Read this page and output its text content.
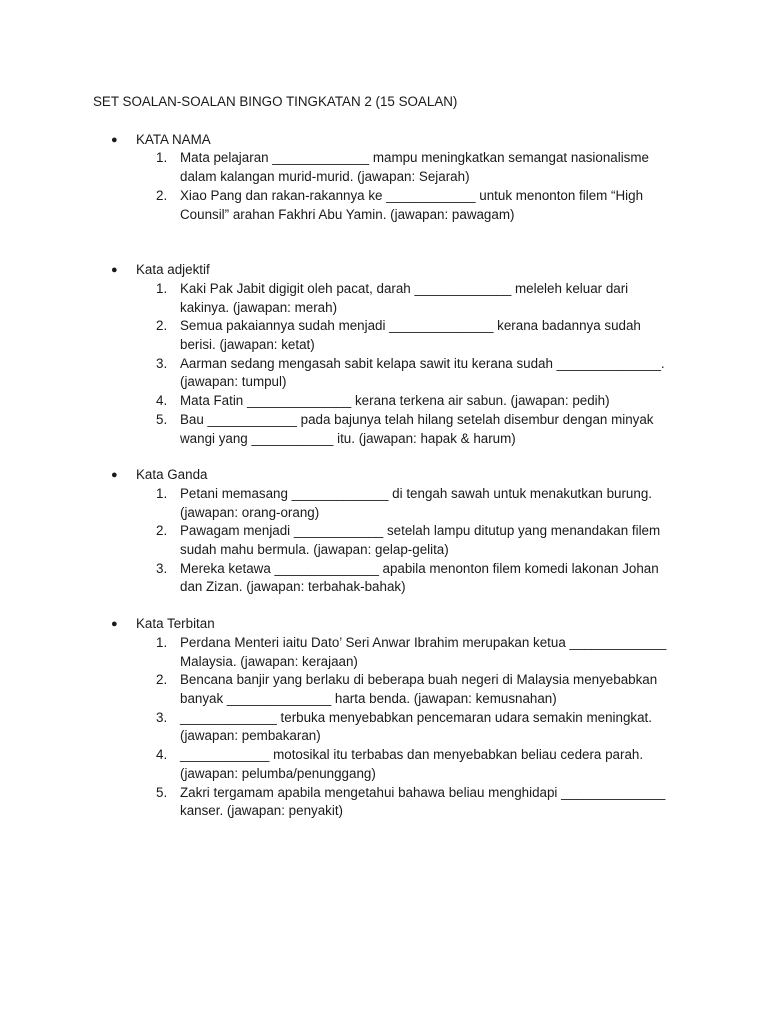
SET SOALAN-SOALAN BINGO TINGKATAN 2 (15 SOALAN)
● KATA NAMA
1. Mata pelajaran _____________ mampu meningkatkan semangat nasionalisme dalam kalangan murid-murid. (jawapan: Sejarah)
2. Xiao Pang dan rakan-rakannya ke ____________ untuk menonton filem “High Counsil” arahan Fakhri Abu Yamin. (jawapan: pawagam)
● Kata adjektif
1. Kaki Pak Jabit digigit oleh pacat, darah _____________ meleleh keluar dari kakinya. (jawapan: merah)
2. Semua pakaiannya sudah menjadi ______________ kerana badannya sudah berisi. (jawapan: ketat)
3. Aarman sedang mengasah sabit kelapa sawit itu kerana sudah ______________. (jawapan: tumpul)
4. Mata Fatin ______________ kerana terkena air sabun. (jawapan: pedih)
5. Bau ____________ pada bajunya telah hilang setelah disembur dengan minyak wangi yang ___________ itu. (jawapan: hapak & harum)
● Kata Ganda
1. Petani memasang _____________ di tengah sawah untuk menakutkan burung. (jawapan: orang-orang)
2. Pawagam menjadi ____________ setelah lampu ditutup yang menandakan filem sudah mahu bermula. (jawapan: gelap-gelita)
3. Mereka ketawa ______________ apabila menonton filem komedi lakonan Johan dan Zizan. (jawapan: terbahak-bahak)
● Kata Terbitan
1. Perdana Menteri iaitu Dato’ Seri Anwar Ibrahim merupakan ketua _____________ Malaysia. (jawapan: kerajaan)
2. Bencana banjir yang berlaku di beberapa buah negeri di Malaysia menyebabkan banyak ______________ harta benda. (jawapan: kemusnahan)
3. _____________ terbuka menyebabkan pencemaran udara semakin meningkat. (jawapan: pembakaran)
4. ____________ motosikal itu terbabas dan menyebabkan beliau cedera parah. (jawapan: pelumba/penunggang)
5. Zakri tergamam apabila mengetahui bahawa beliau menghidapi ______________ kanser. (jawapan: penyakit)
